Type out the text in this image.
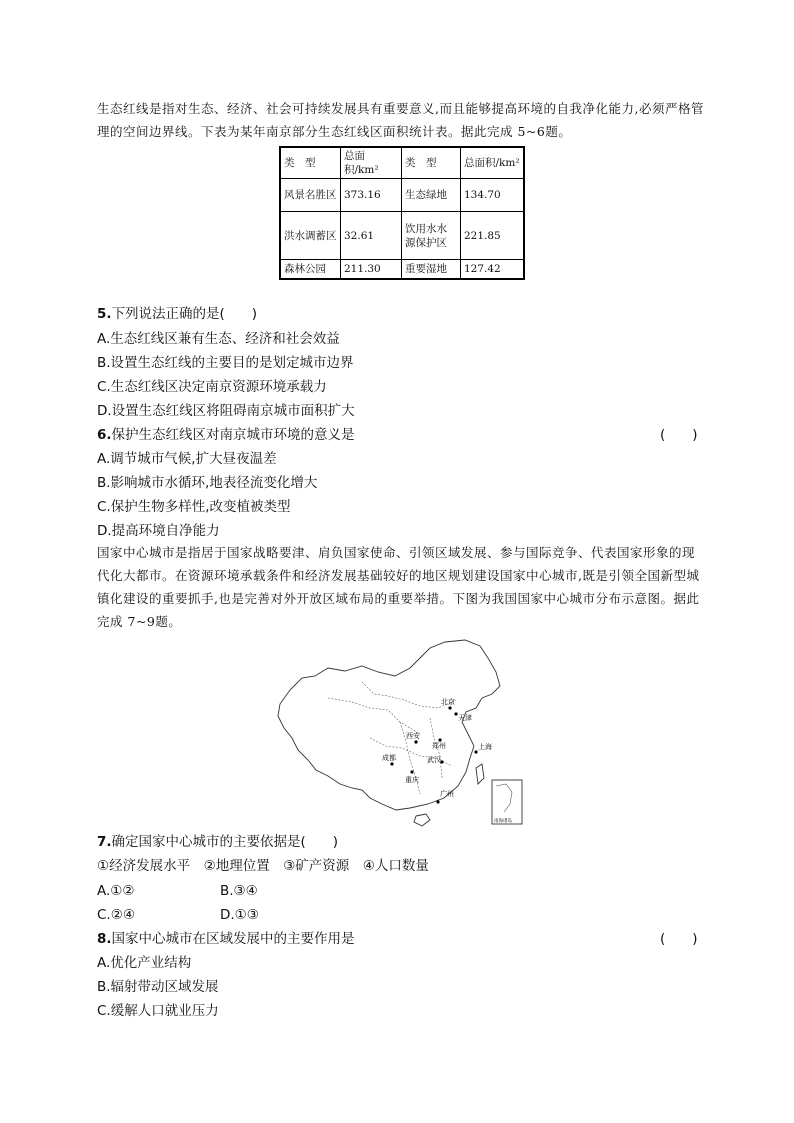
生态红线是指对生态、经济、社会可持续发展具有重要意义,而且能够提高环境的自我净化能力,必须严格管理的空间边界线。下表为某年南京部分生态红线区面积统计表。据此完成 5~6题。
类　型	总面积/km²	类　型	总面积/km²
风景名胜区	373.16	生态绿地	134.70
洪水调蓄区	32.61	饮用水水源保护区	221.85
森林公园	211.30	重要湿地	127.42
5.下列说法正确的是(　　)
A.生态红线区兼有生态、经济和社会效益
B.设置生态红线的主要目的是划定城市边界
C.生态红线区决定南京资源环境承载力
D.设置生态红线区将阻碍南京城市面积扩大
6.保护生态红线区对南京城市环境的意义是	(　　)
A.调节城市气候,扩大昼夜温差
B.影响城市水循环,地表径流变化增大
C.保护生物多样性,改变植被类型
D.提高环境自净能力
国家中心城市是指居于国家战略要津、肩负国家使命、引领区域发展、参与国际竞争、代表国家形象的现代化大都市。在资源环境承载条件和经济发展基础较好的地区规划建设国家中心城市,既是引领全国新型城镇化建设的重要抓手,也是完善对外开放区域布局的重要举措。下图为我国国家中心城市分布示意图。据此完成 7~9题。
北京
天津
西安
郑州	上海
成都	武汉
重庆
广州
南海诸岛
7.确定国家中心城市的主要依据是(　　)
①经济发展水平　②地理位置　③矿产资源　④人口数量
A.①②	B.③④
C.②④	D.①③
8.国家中心城市在区域发展中的主要作用是	(　　)
A.优化产业结构
B.辐射带动区域发展
C.缓解人口就业压力
